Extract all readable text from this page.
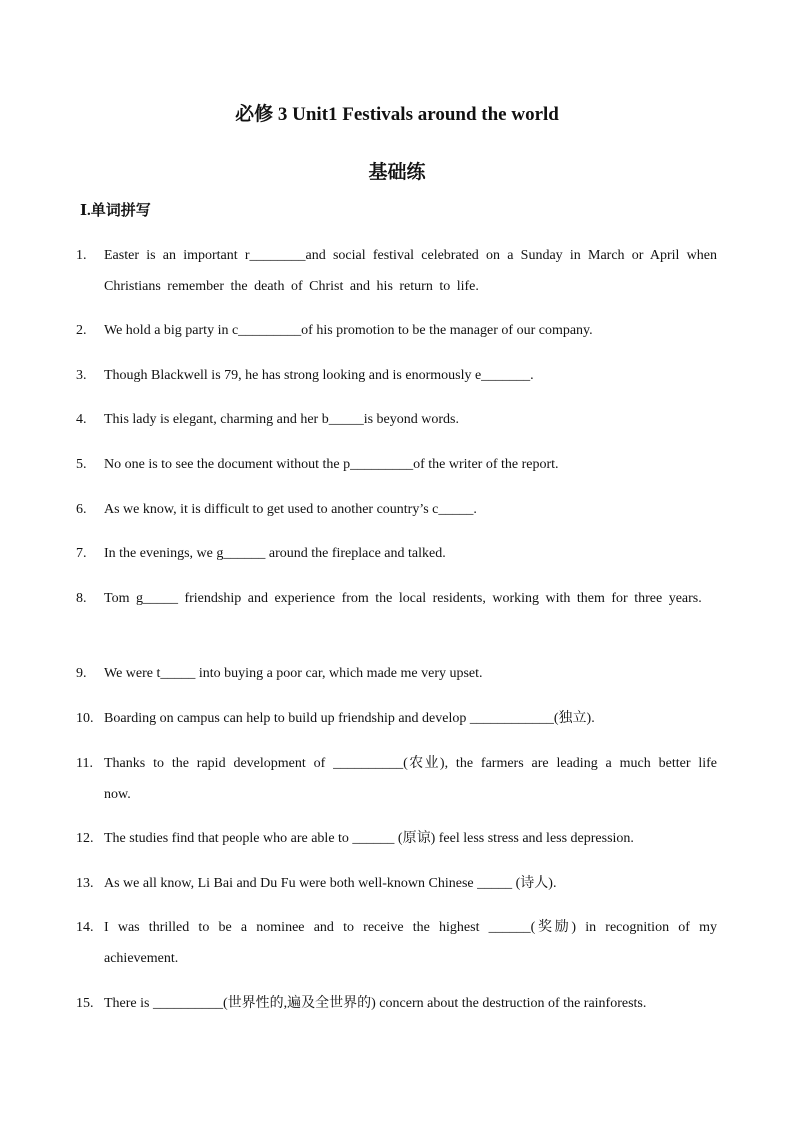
必修 3 Unit1 Festivals around the world
基础练
Ⅰ.单词拼写
1. Easter is an important r________and social festival celebrated on a Sunday in March or April when Christians remember the death of Christ and his return to life.
2. We hold a big party in c_________of his promotion to be the manager of our company.
3. Though Blackwell is 79, he has strong looking and is enormously e_______.
4. This lady is elegant, charming and her b_____is beyond words.
5. No one is to see the document without the p_________of the writer of the report.
6. As we know, it is difficult to get used to another country’s c_____.
7. In the evenings, we g______ around the fireplace and talked.
8. Tom g_____ friendship and experience from the local residents, working with them for three years.
9. We were t_____ into buying a poor car, which made me very upset.
10. Boarding on campus can help to build up friendship and develop ____________(独立).
11. Thanks to the rapid development of __________(农业), the farmers are leading a much better life now.
12. The studies find that people who are able to ______ (原谅) feel less stress and less depression.
13. As we all know, Li Bai and Du Fu were both well-known Chinese _____ (诗人).
14. I was thrilled to be a nominee and to receive the highest ______(奖励) in recognition of my achievement.
15. There is __________(世界性的,遍及全世界的) concern about the destruction of the rainforests.
